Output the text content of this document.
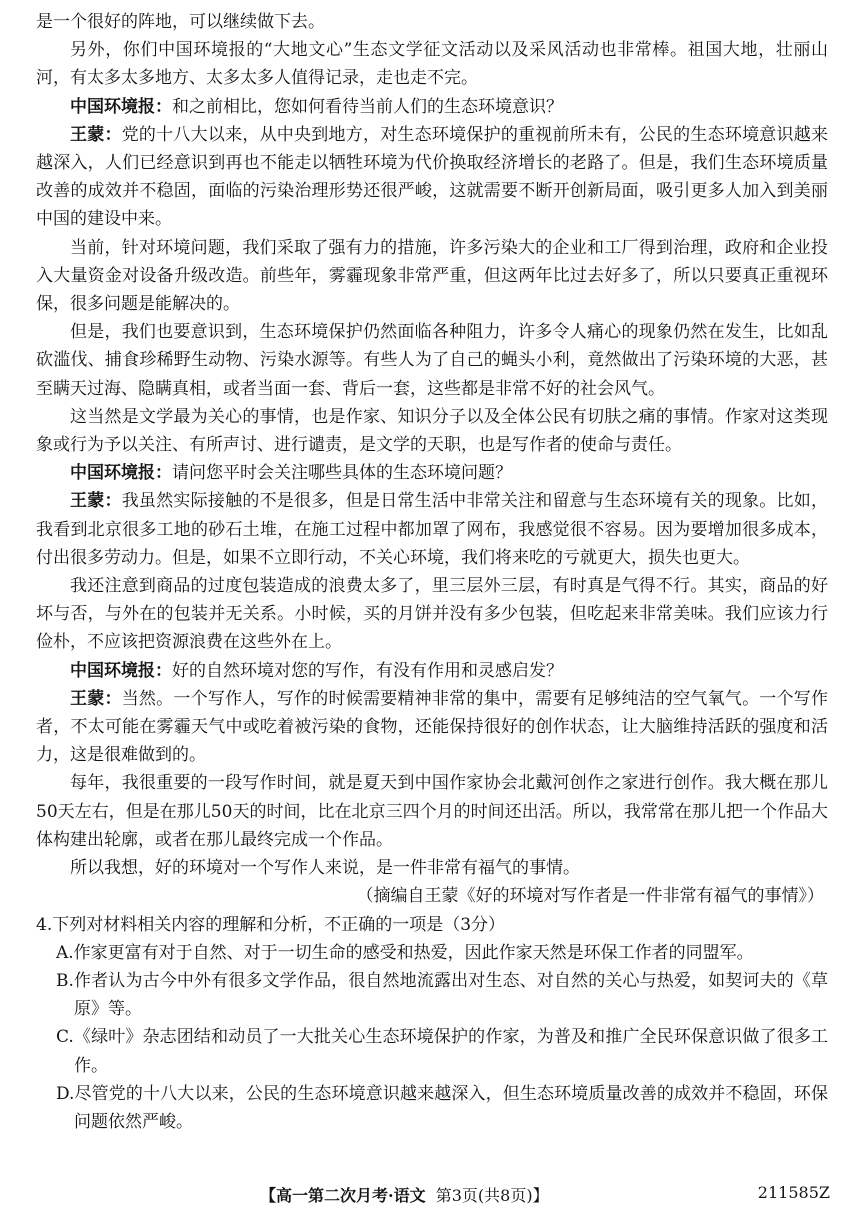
是一个很好的阵地，可以继续做下去。

另外，你们中国环境报的“大地文心”生态文学征文活动以及采风活动也非常棒。祖国大地，壮丽山河，有太多太多地方、太多太多人值得记录，走也走不完。

中国环境报：和之前相比，您如何看待当前人们的生态环境意识？

王蒙：党的十八大以来，从中央到地方，对生态环境保护的重视前所未有，公民的生态环境意识越来越深入，人们已经意识到再也不能走以牺牲环境为代价换取经济增长的老路了。但是，我们生态环境质量改善的成效并不稳固，面临的污染治理形势还很严峻，这就需要不断开创新局面，吸引更多人加入到美丽中国的建设中来。

当前，针对环境问题，我们采取了强有力的措施，许多污染大的企业和工厂得到治理，政府和企业投入大量资金对设备升级改造。前些年，雾霾现象非常严重，但这两年比过去好多了，所以只要真正重视环保，很多问题是能解决的。

但是，我们也要意识到，生态环境保护仍然面临各种阻力，许多令人痛心的现象仍然在发生，比如乱砍滥伐、捕食珍稀野生动物、污染水源等。有些人为了自己的蝇头小利，竟然做出了污染环境的大恶，甚至瞒天过海、隐瞒真相，或者当面一套、背后一套，这些都是非常不好的社会风气。

这当然是文学最为关心的事情，也是作家、知识分子以及全体公民有切肤之痛的事情。作家对这类现象或行为予以关注、有所声讨、进行谴责，是文学的天职，也是写作者的使命与责任。

中国环境报：请问您平时会关注哪些具体的生态环境问题？

王蒙：我虽然实际接触的不是很多，但是日常生活中非常关注和留意与生态环境有关的现象。比如，我看到北京很多工地的砂石土堆，在施工过程中都加罩了网布，我感觉很不容易。因为要增加很多成本，付出很多劳动力。但是，如果不立即行动，不关心环境，我们将来吃的亏就更大，损失也更大。

我还注意到商品的过度包装造成的浪费太多了，里三层外三层，有时真是气得不行。其实，商品的好坏与否，与外在的包装并无关系。小时候，买的月饼并没有多少包装，但吃起来非常美味。我们应该力行俭朴，不应该把资源浪费在这些外在上。

中国环境报：好的自然环境对您的写作，有没有作用和灵感启发？

王蒙：当然。一个写作人，写作的时候需要精神非常的集中，需要有足够纯洁的空气氧气。一个写作者，不太可能在雾霾天气中或吃着被污染的食物，还能保持很好的创作状态，让大脑维持活跃的强度和活力，这是很难做到的。

每年，我很重要的一段写作时间，就是夏天到中国作家协会北戴河创作之家进行创作。我大概在那儿50天左右，但是在那儿50天的时间，比在北京三四个月的时间还出活。所以，我常常在那儿把一个作品大体构建出轮廓，或者在那儿最终完成一个作品。

所以我想，好的环境对一个写作人来说，是一件非常有福气的事情。

（摘编自王蒙《好的环境对写作者是一件非常有福气的事情》）

4.下列对材料相关内容的理解和分析，不正确的一项是（3分）

A.作家更富有对于自然、对于一切生命的感受和热爱，因此作家天然是环保工作者的同盟军。

B.作者认为古今中外有很多文学作品，很自然地流露出对生态、对自然的关心与热爱，如契诃夫的《草原》等。

C.《绿叶》杂志团结和动员了一大批关心生态环境保护的作家，为普及和推广全民环保意识做了很多工作。

D.尽管党的十八大以来，公民的生态环境意识越来越深入，但生态环境质量改善的成效并不稳固，环保问题依然严峻。

【高一第二次月考·语文 第3页(共8页)】	211585Z
